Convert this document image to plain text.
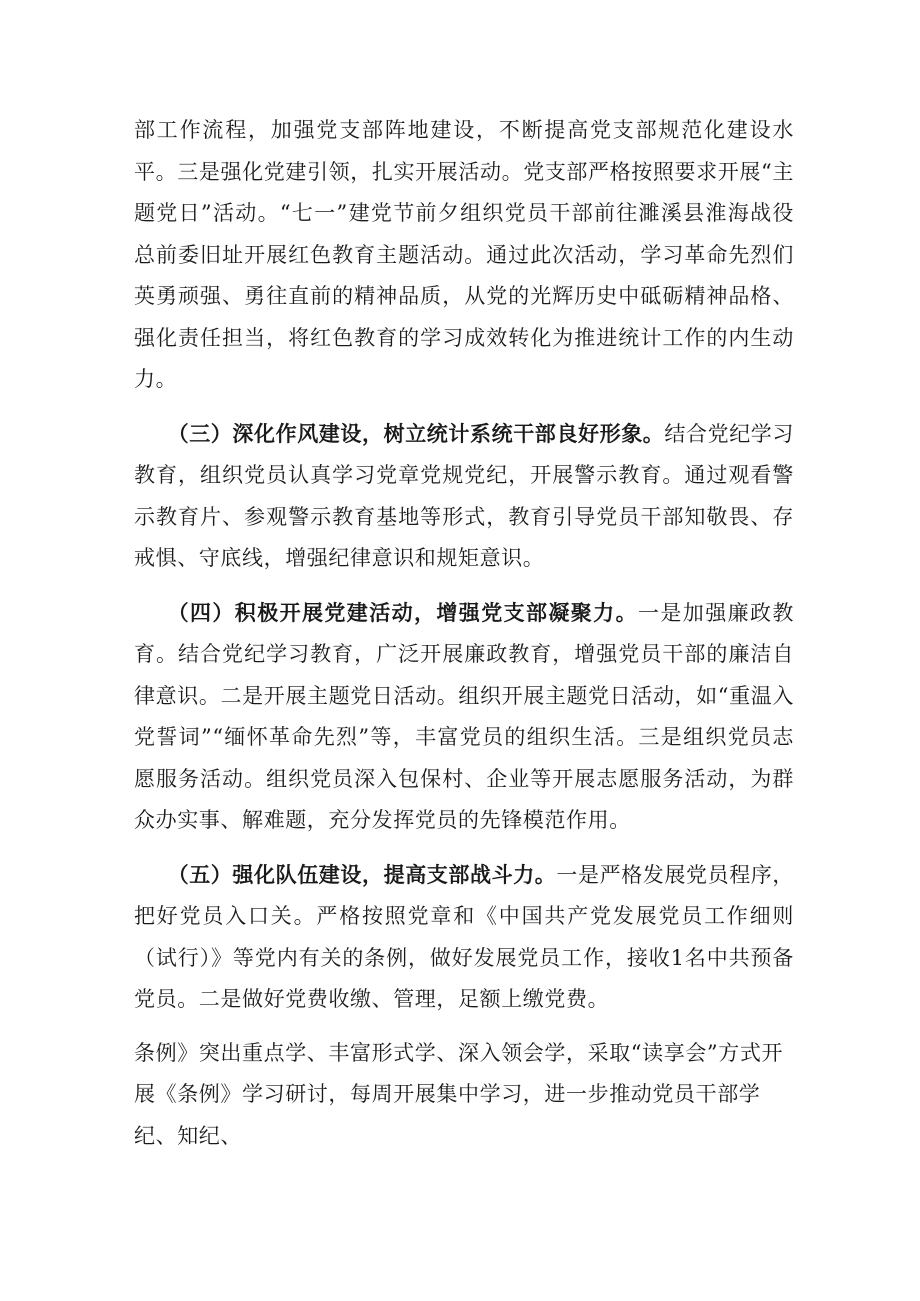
部工作流程，加强党支部阵地建设，不断提高党支部规范化建设水平。三是强化党建引领，扎实开展活动。党支部严格按照要求开展“主题党日”活动。“七一”建党节前夕组织党员干部前往濉溪县淮海战役总前委旧址开展红色教育主题活动。通过此次活动，学习革命先烈们英勇顽强、勇往直前的精神品质，从党的光辉历史中砥砺精神品格、强化责任担当，将红色教育的学习成效转化为推进统计工作的内生动力。

（三）深化作风建设，树立统计系统干部良好形象。结合党纪学习教育，组织党员认真学习党章党规党纪，开展警示教育。通过观看警示教育片、参观警示教育基地等形式，教育引导党员干部知敬畏、存戒惧、守底线，增强纪律意识和规矩意识。

（四）积极开展党建活动，增强党支部凝聚力。一是加强廉政教育。结合党纪学习教育，广泛开展廉政教育，增强党员干部的廉洁自律意识。二是开展主题党日活动。组织开展主题党日活动，如“重温入党誓词”“缅怀革命先烈”等，丰富党员的组织生活。三是组织党员志愿服务活动。组织党员深入包保村、企业等开展志愿服务活动，为群众办实事、解难题，充分发挥党员的先锋模范作用。

（五）强化队伍建设，提高支部战斗力。一是严格发展党员程序，把好党员入口关。严格按照党章和《中国共产党发展党员工作细则（试行）》等党内有关的条例，做好发展党员工作，接收1名中共预备党员。二是做好党费收缴、管理，足额上缴党费。

条例》突出重点学、丰富形式学、深入领会学，采取“读享会”方式开展《条例》学习研讨，每周开展集中学习，进一步推动党员干部学纪、知纪、
